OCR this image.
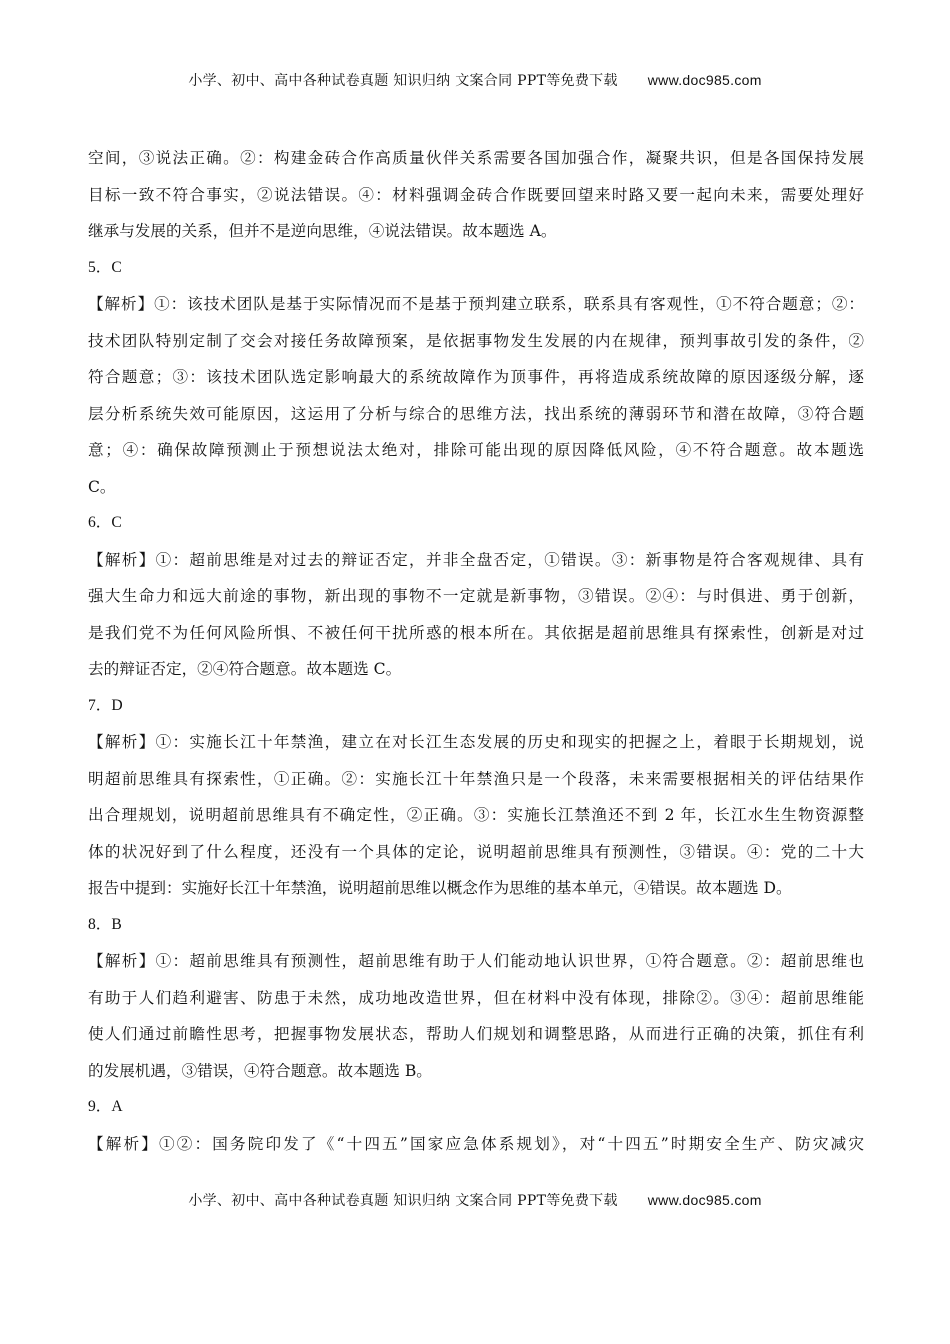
小学、初中、高中各种试卷真题 知识归纳 文案合同 PPT等免费下载 www.doc985.com
空间，③说法正确。②：构建金砖合作高质量伙伴关系需要各国加强合作，凝聚共识，但是各国保持发展
目标一致不符合事实，②说法错误。④：材料强调金砖合作既要回望来时路又要一起向未来，需要处理好
继承与发展的关系，但并不是逆向思维，④说法错误。故本题选 A。
5．C
【解析】①：该技术团队是基于实际情况而不是基于预判建立联系，联系具有客观性，①不符合题意；②：
技术团队特别定制了交会对接任务故障预案，是依据事物发生发展的内在规律，预判事故引发的条件，②
符合题意；③：该技术团队选定影响最大的系统故障作为顶事件，再将造成系统故障的原因逐级分解，逐
层分析系统失效可能原因，这运用了分析与综合的思维方法，找出系统的薄弱环节和潜在故障，③符合题
意；④：确保故障预测止于预想说法太绝对，排除可能出现的原因降低风险，④不符合题意。故本题选
C。
6．C
【解析】①：超前思维是对过去的辩证否定，并非全盘否定，①错误。③：新事物是符合客观规律、具有
强大生命力和远大前途的事物，新出现的事物不一定就是新事物，③错误。②④：与时俱进、勇于创新，
是我们党不为任何风险所惧、不被任何干扰所惑的根本所在。其依据是超前思维具有探索性，创新是对过
去的辩证否定，②④符合题意。故本题选 C。
7．D
【解析】①：实施长江十年禁渔，建立在对长江生态发展的历史和现实的把握之上，着眼于长期规划，说
明超前思维具有探索性，①正确。②：实施长江十年禁渔只是一个段落，未来需要根据相关的评估结果作
出合理规划，说明超前思维具有不确定性，②正确。③：实施长江禁渔还不到 2 年，长江水生生物资源整
体的状况好到了什么程度，还没有一个具体的定论，说明超前思维具有预测性，③错误。④：党的二十大
报告中提到：实施好长江十年禁渔，说明超前思维以概念作为思维的基本单元，④错误。故本题选 D。
8．B
【解析】①：超前思维具有预测性，超前思维有助于人们能动地认识世界，①符合题意。②：超前思维也
有助于人们趋利避害、防患于未然，成功地改造世界，但在材料中没有体现，排除②。③④：超前思维能
使人们通过前瞻性思考，把握事物发展状态，帮助人们规划和调整思路，从而进行正确的决策，抓住有利
的发展机遇，③错误，④符合题意。故本题选 B。
9．A
【解析】①②：国务院印发了《“十四五”国家应急体系规划》，对“十四五”时期安全生产、防灾减灾
小学、初中、高中各种试卷真题 知识归纳 文案合同 PPT等免费下载 www.doc985.com
